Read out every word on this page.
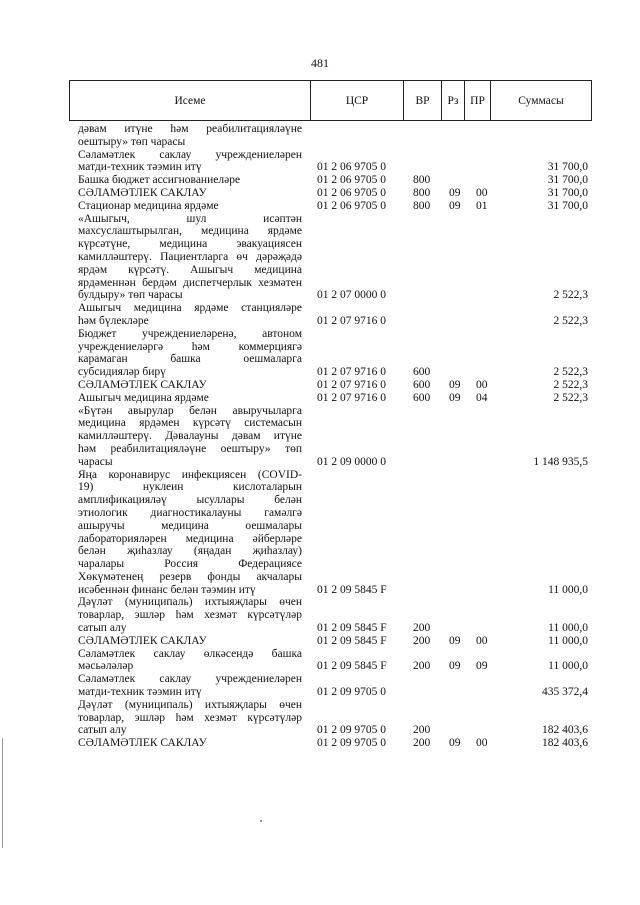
481
Исеме	ЦСР	ВР	Рз	ПР	Суммасы
дәвам итүне һәм реабилитацияләүне
оештыру» төп чарасы
Сәламәтлек саклау учреждениеләрен
матди-техник тәэмин итү	01 2 06 9705 0	31 700,0
Башка бюджет ассигнованиеләре	01 2 06 9705 0 800	31 700,0
СӘЛАМӘТЛЕК САКЛАУ	01 2 06 9705 0 800 09 00	31 700,0
Стационар медицина ярдәме	01 2 06 9705 0 800 09 01	31 700,0
«Ашыгыч, шул исәптән
махсуслаштырылган, медицина ярдәме
күрсәтүне, медицина эвакуациясен
камилләштерү. Пациентларга өч дәрәҗәдә
ярдәм күрсәтү. Ашыгыч медицина
ярдәменнән бердәм диспетчерлык хезмәтен
булдыру» төп чарасы	01 2 07 0000 0	2 522,3
Ашыгыч медицина ярдәме станцияләре
һәм бүлекләре	01 2 07 9716 0	2 522,3
Бюджет учреждениеләренә, автоном
учреждениеләргә һәм коммерциягә
карамаган башка оешмаларга
субсидияләр бирү	01 2 07 9716 0 600	2 522,3
СӘЛАМӘТЛЕК САКЛАУ	01 2 07 9716 0 600 09 00	2 522,3
Ашыгыч медицина ярдәме	01 2 07 9716 0 600 09 04	2 522,3
«Бүтән авырулар белән авыручыларга
медицина ярдәмен күрсәтү системасын
камилләштерү. Дәвалауны дәвам итүне
һәм реабилитацияләүне оештыру» төп
чарасы	01 2 09 0000 0	1 148 935,5
Яңа коронавирус инфекциясен (COVID-
19) нуклеин кислоталарын
амплификацияләү ысуллары белән
этиологик диагностикалауны гамәлгә
ашыручы медицина оешмалары
лабораторияләрен медицина әйберләре
белән җиһазлау (яңадан җиһазлау)
чаралары Россия Федерациясе
Хөкүмәтенең резерв фонды акчалары
исәбеннән финанс белән тәэмин итү	01 2 09 5845 F	11 000,0
Дәүләт (муниципаль) ихтыяҗлары өчен
товарлар, эшләр һәм хезмәт күрсәтүләр
сатып алу	01 2 09 5845 F 200	11 000,0
СӘЛАМӘТЛЕК САКЛАУ	01 2 09 5845 F 200 09 00	11 000,0
Сәламәтлек саклау өлкәсендә башка
мәсьәләләр	01 2 09 5845 F 200 09 09	11 000,0
Сәламәтлек саклау учреждениеләрен
матди-техник тәэмин итү	01 2 09 9705 0	435 372,4
Дәүләт (муниципаль) ихтыяҗлары өчен
товарлар, эшләр һәм хезмәт күрсәтүләр
сатып алу	01 2 09 9705 0 200	182 403,6
СӘЛАМӘТЛЕК САКЛАУ	01 2 09 9705 0 200 09 00	182 403,6
